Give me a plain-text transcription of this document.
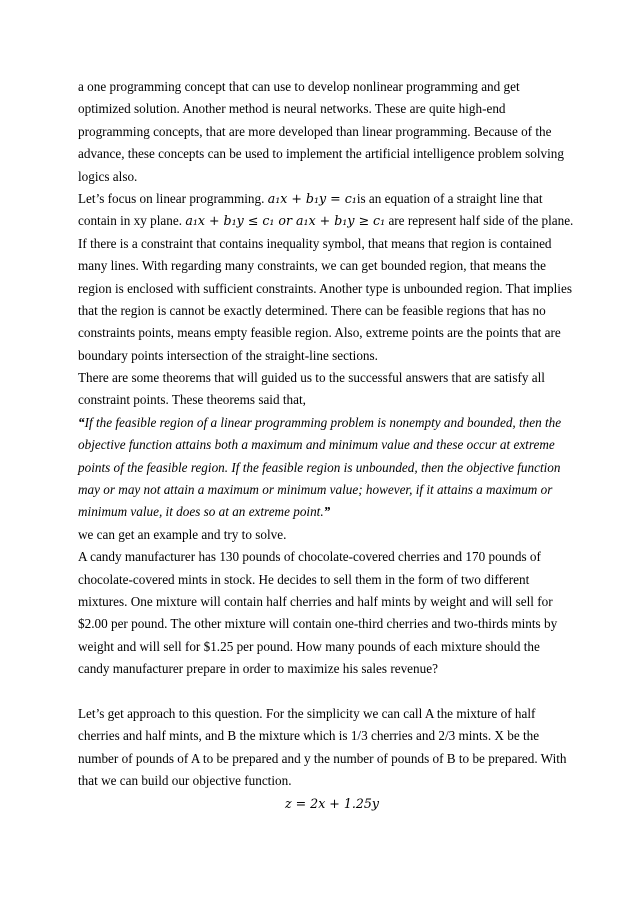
a one programming concept that can use to develop nonlinear programming and get
optimized solution. Another method is neural networks. These are quite high-end
programming concepts, that are more developed than linear programming. Because of the
advance, these concepts can be used to implement the artificial intelligence problem solving
logics also.
Let’s focus on linear programming. a₁x + b₁y = c₁is an equation of a straight line that
contain in xy plane. a₁x + b₁y ≤ c₁ or a₁x + b₁y ≥ c₁ are represent half side of the plane.
If there is a constraint that contains inequality symbol, that means that region is contained
many lines. With regarding many constraints, we can get bounded region, that means the
region is enclosed with sufficient constraints. Another type is unbounded region. That implies
that the region is cannot be exactly determined. There can be feasible regions that has no
constraints points, means empty feasible region. Also, extreme points are the points that are
boundary points intersection of the straight-line sections.
There are some theorems that will guided us to the successful answers that are satisfy all
constraint points. These theorems said that,
“If the feasible region of a linear programming problem is nonempty and bounded, then the
objective function attains both a maximum and minimum value and these occur at extreme
points of the feasible region. If the feasible region is unbounded, then the objective function
may or may not attain a maximum or minimum value; however, if it attains a maximum or
minimum value, it does so at an extreme point.”
we can get an example and try to solve.
A candy manufacturer has 130 pounds of chocolate-covered cherries and 170 pounds of
chocolate-covered mints in stock. He decides to sell them in the form of two different
mixtures. One mixture will contain half cherries and half mints by weight and will sell for
$2.00 per pound. The other mixture will contain one-third cherries and two-thirds mints by
weight and will sell for $1.25 per pound. How many pounds of each mixture should the
candy manufacturer prepare in order to maximize his sales revenue?
Let’s get approach to this question. For the simplicity we can call A the mixture of half
cherries and half mints, and B the mixture which is 1/3 cherries and 2/3 mints. X be the
number of pounds of A to be prepared and y the number of pounds of B to be prepared. With
that we can build our objective function.
z = 2x + 1.25y
